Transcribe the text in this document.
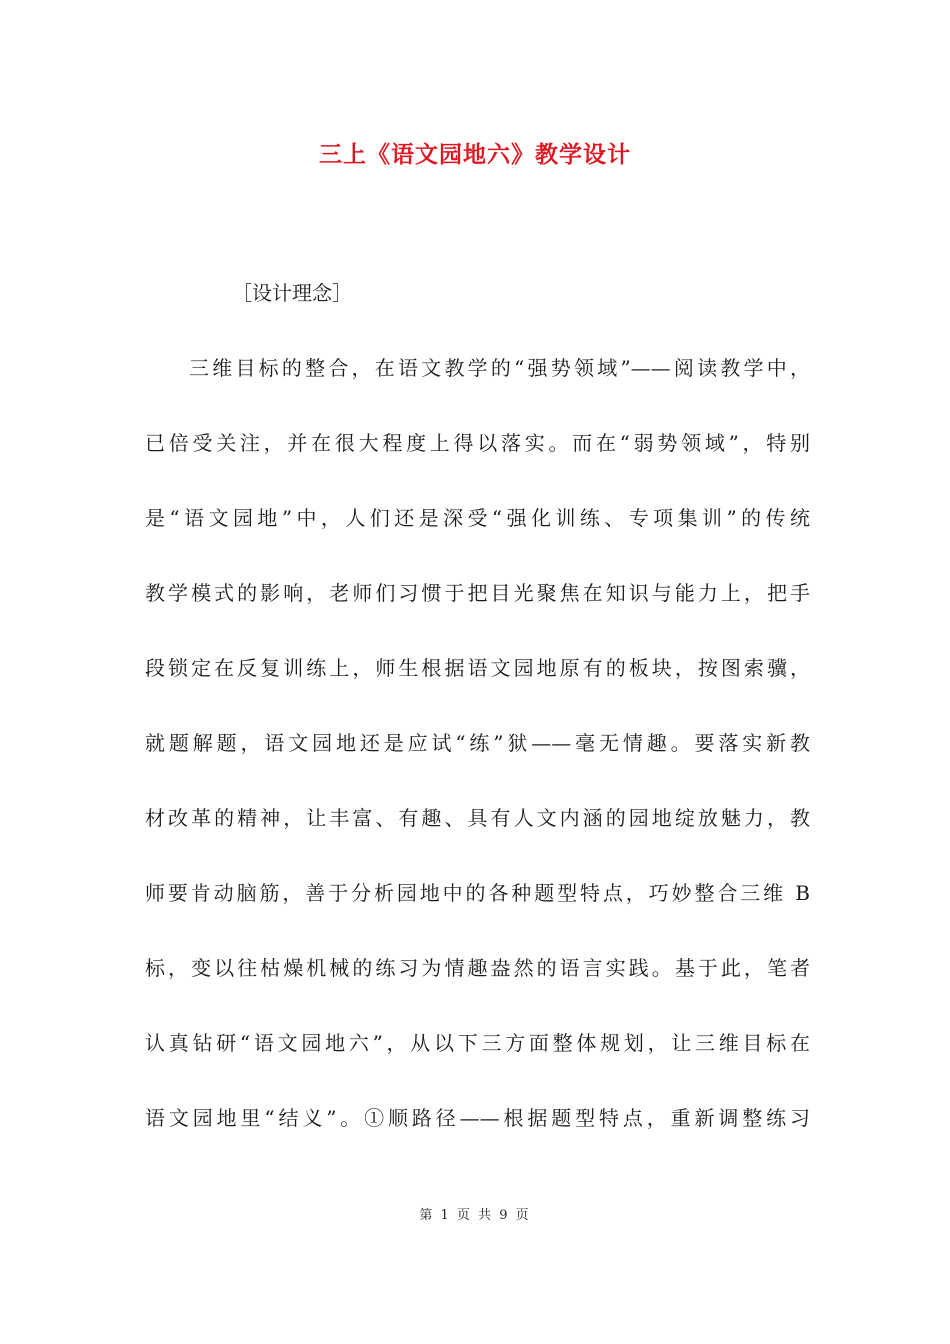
三上《语文园地六》教学设计

［设计理念］

三维目标的整合，在语文教学的“强势领域”——阅读教学中，
已倍受关注，并在很大程度上得以落实。而在“弱势领域”，特别
是“语文园地”中，人们还是深受“强化训练、专项集训”的传统
教学模式的影响，老师们习惯于把目光聚焦在知识与能力上，把手
段锁定在反复训练上，师生根据语文园地原有的板块，按图索骥，
就题解题，语文园地还是应试“练”狱——毫无情趣。要落实新教
材改革的精神，让丰富、有趣、具有人文内涵的园地绽放魅力，教
师要肯动脑筋，善于分析园地中的各种题型特点，巧妙整合三维 B
标，变以往枯燥机械的练习为情趣盎然的语言实践。基于此，笔者
认真钻研“语文园地六”，从以下三方面整体规划，让三维目标在
语文园地里“结义”。①顺路径——根据题型特点，重新调整练习
第 1 页 共 9 页
